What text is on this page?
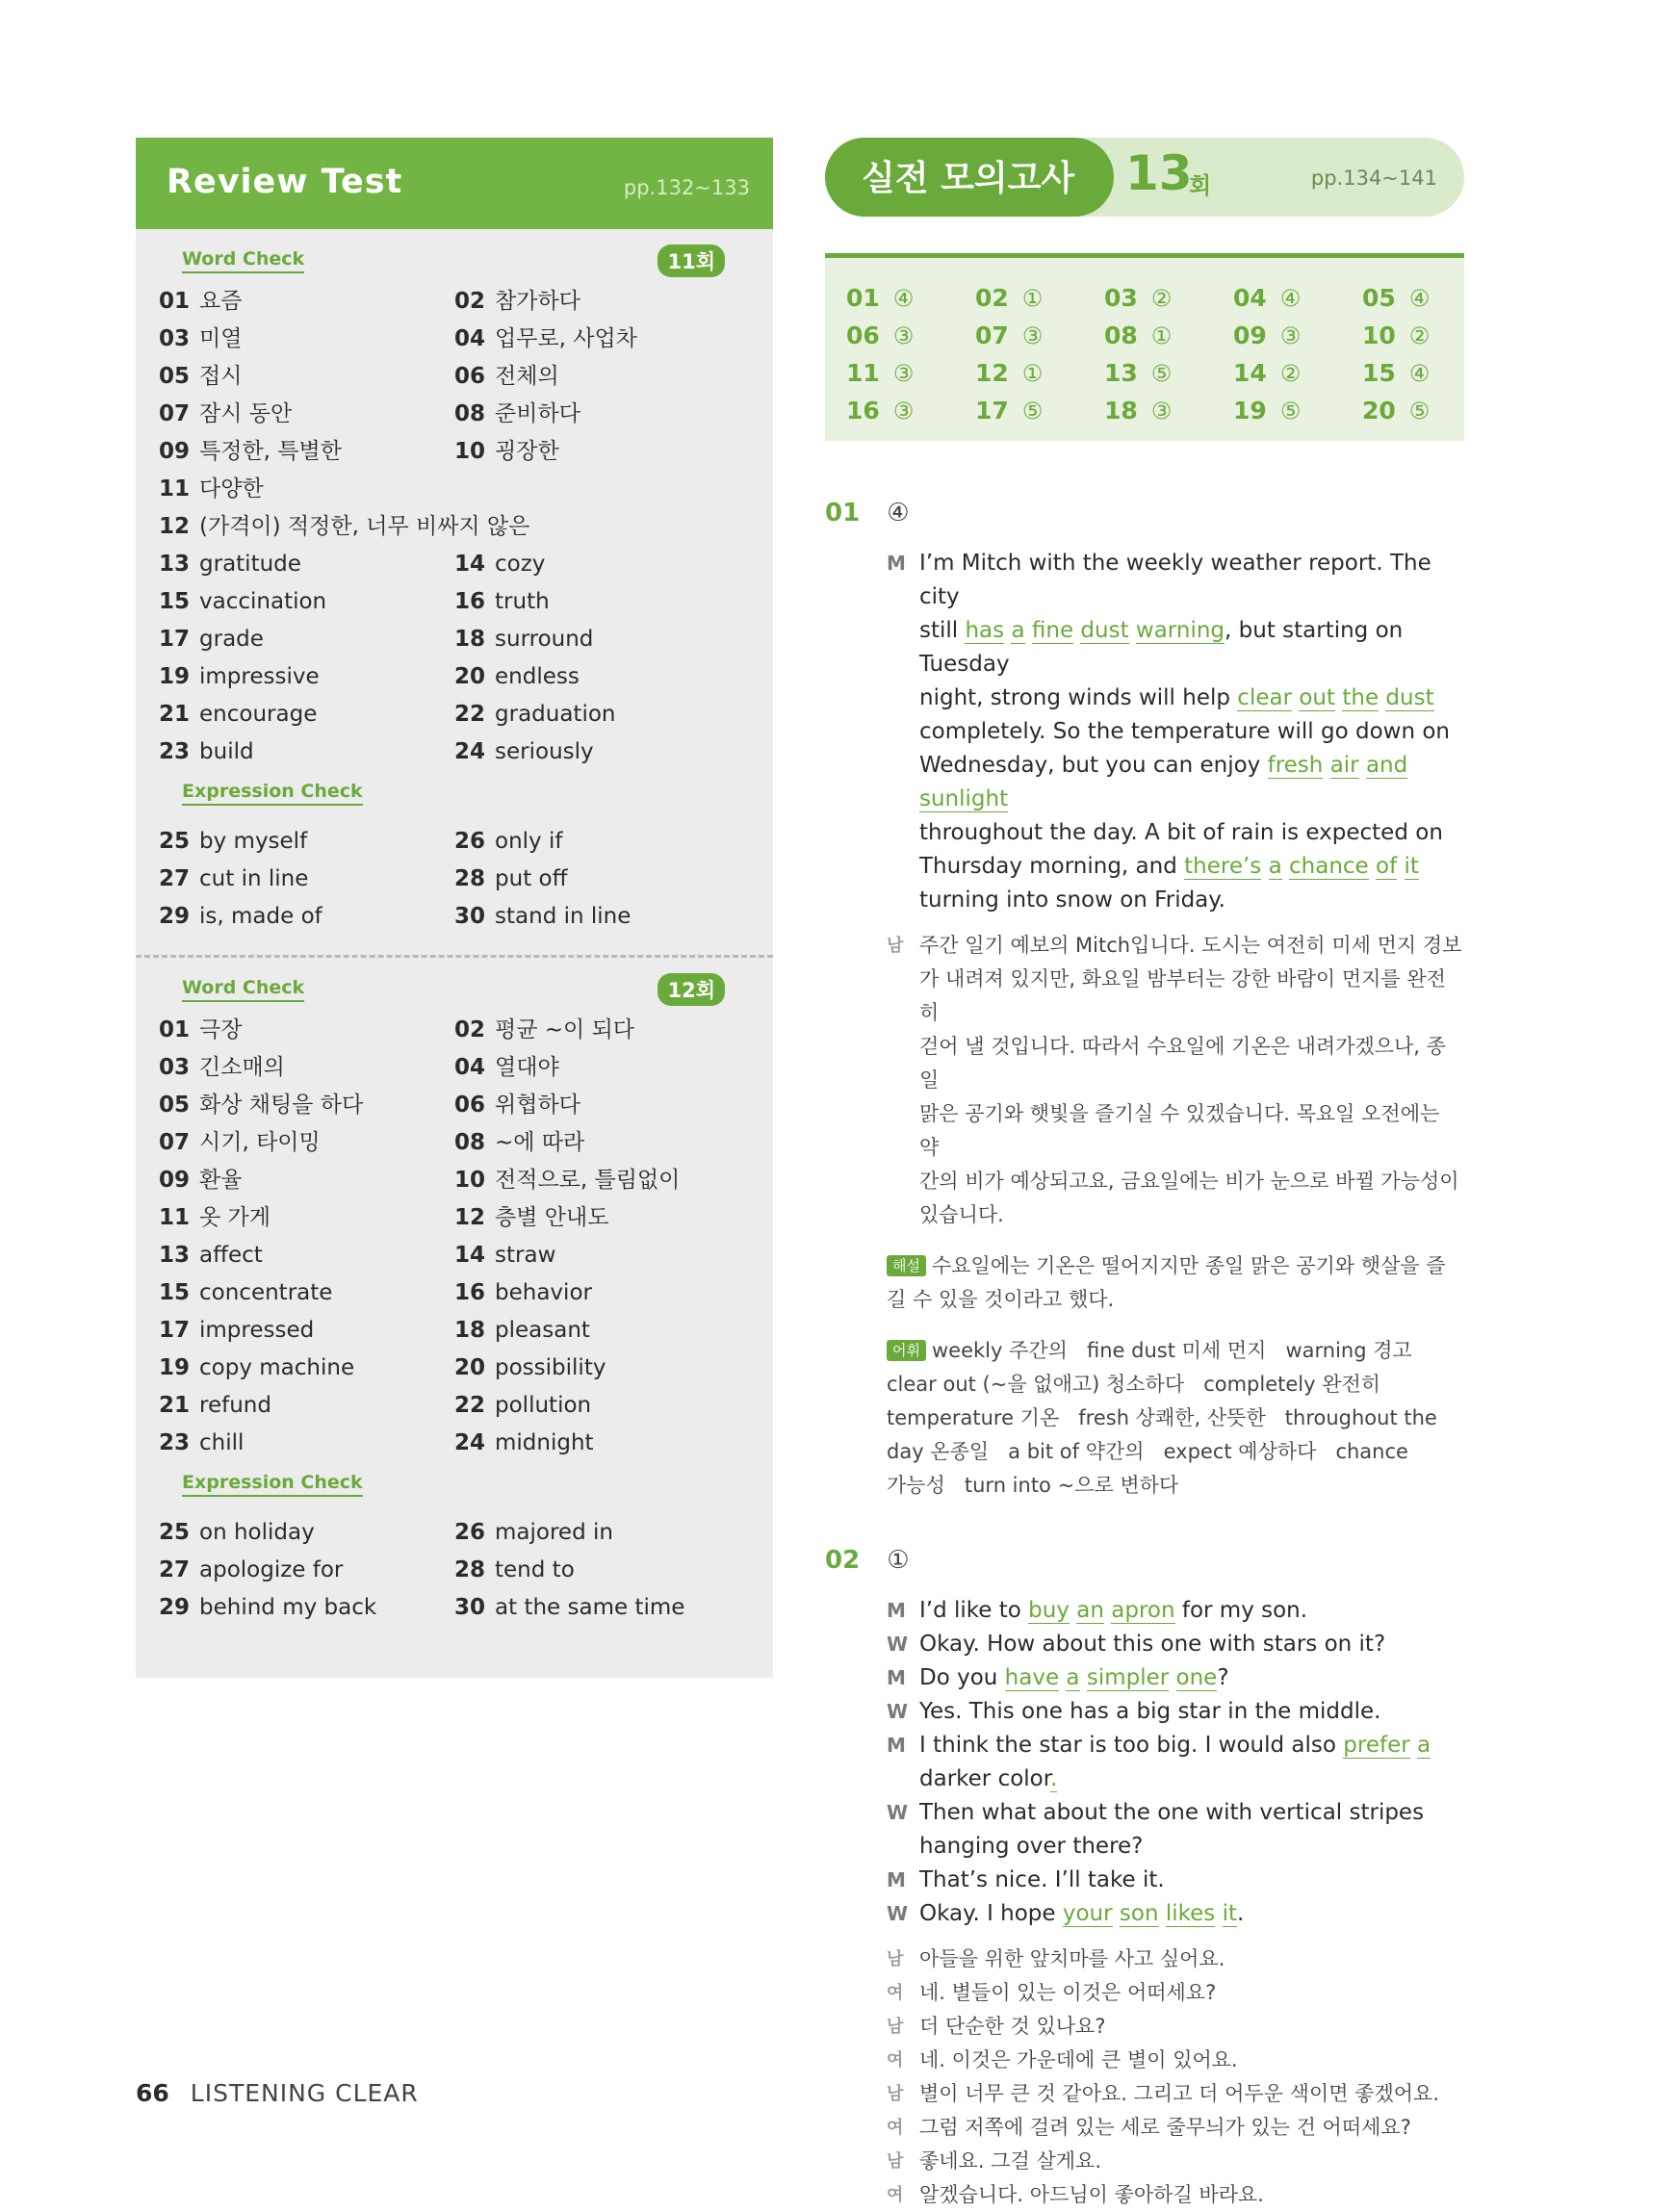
Review Test	pp.132~133
Word Check	11회
01 요즘	02 참가하다
03 미열	04 업무로, 사업차
05 접시	06 전체의
07 잠시 동안	08 준비하다
09 특정한, 특별한	10 굉장한
11 다양한
12 (가격이) 적정한, 너무 비싸지 않은
13 gratitude	14 cozy
15 vaccination	16 truth
17 grade	18 surround
19 impressive	20 endless
21 encourage	22 graduation
23 build	24 seriously
Expression Check
25 by myself	26 only if
27 cut in line	28 put off
29 is, made of	30 stand in line
Word Check	12회
01 극장	02 평균 ~이 되다
03 긴소매의	04 열대야
05 화상 채팅을 하다	06 위협하다
07 시기, 타이밍	08 ~에 따라
09 환율	10 전적으로, 틀림없이
11 옷 가게	12 층별 안내도
13 affect	14 straw
15 concentrate	16 behavior
17 impressed	18 pleasant
19 copy machine	20 possibility
21 refund	22 pollution
23 chill	24 midnight
Expression Check
25 on holiday	26 majored in
27 apologize for	28 tend to
29 behind my back	30 at the same time
실전 모의고사 13
회	pp.134~141
01 ④	02 ①	03 ②	04 ④	05 ④
06 ③	07 ③	08 ①	09 ③	10 ②
11 ③	12 ①	13 ⑤	14 ②	15 ④
16 ③	17 ⑤	18 ③	19 ⑤	20 ⑤
01 ④
M I’m Mitch with the weekly weather report. The city
still has a fine dust warning, but starting on Tuesday
night, strong winds will help clear out the dust
completely. So the temperature will go down on
Wednesday, but you can enjoy fresh air and sunlight
throughout the day. A bit of rain is expected on
Thursday morning, and there’s a chance of it
turning into snow on Friday.
남 주간 일기 예보의 Mitch입니다. 도시는 여전히 미세 먼지 경보
가 내려져 있지만, 화요일 밤부터는 강한 바람이 먼지를 완전히
걷어 낼 것입니다. 따라서 수요일에 기온은 내려가겠으나, 종일
맑은 공기와 햇빛을 즐기실 수 있겠습니다. 목요일 오전에는 약
간의 비가 예상되고요, 금요일에는 비가 눈으로 바뀔 가능성이
있습니다.
해설 수요일에는 기온은 떨어지지만 종일 맑은 공기와 햇살을 즐
길 수 있을 것이라고 했다.
어휘 weekly 주간의   fine dust 미세 먼지   warning 경고
clear out (~을 없애고) 청소하다   completely 완전히
temperature 기온   fresh 상쾌한, 산뜻한   throughout the
day 온종일   a bit of 약간의   expect 예상하다   chance
가능성   turn into ~으로 변하다
02 ①
M I’d like to buy an apron for my son.
W Okay. How about this one with stars on it?
M Do you have a simpler one?
W Yes. This one has a big star in the middle.
M I think the star is too big. I would also prefer a
darker color.
W Then what about the one with vertical stripes
hanging over there?
M That’s nice. I’ll take it.
W Okay. I hope your son likes it.
남 아들을 위한 앞치마를 사고 싶어요.
여 네. 별들이 있는 이것은 어떠세요?
남 더 단순한 것 있나요?
여 네. 이것은 가운데에 큰 별이 있어요.
남 별이 너무 큰 것 같아요. 그리고 더 어두운 색이면 좋겠어요.
여 그럼 저쪽에 걸려 있는 세로 줄무늬가 있는 건 어떠세요?
남 좋네요. 그걸 살게요.
여 알겠습니다. 아드님이 좋아하길 바라요.
66 LISTENING CLEAR
